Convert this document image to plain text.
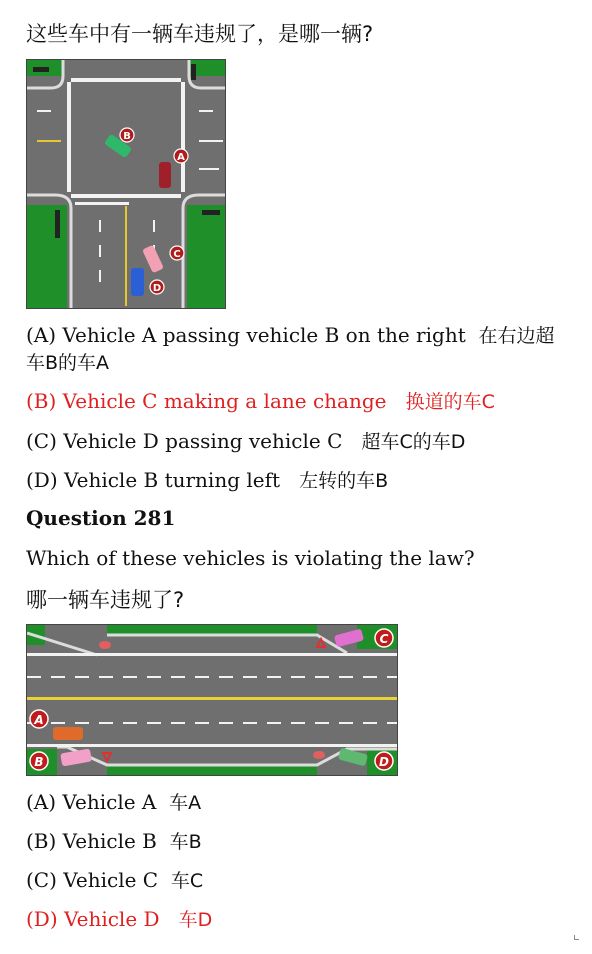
这些车中有一辆车违规了，是哪一辆?
B
A
C
D
(A) Vehicle A passing vehicle B on the right 在右边超车B的车A
(B) Vehicle C making a lane change 换道的车C
(C) Vehicle D passing vehicle C 超车C的车D
(D) Vehicle B turning left 左转的车B
Question 281
Which of these vehicles is violating the law?
哪一辆车违规了?
C
A
B	D
(A) Vehicle A 车A
(B) Vehicle B 车B
(C) Vehicle C 车C
(D) Vehicle D 车D
